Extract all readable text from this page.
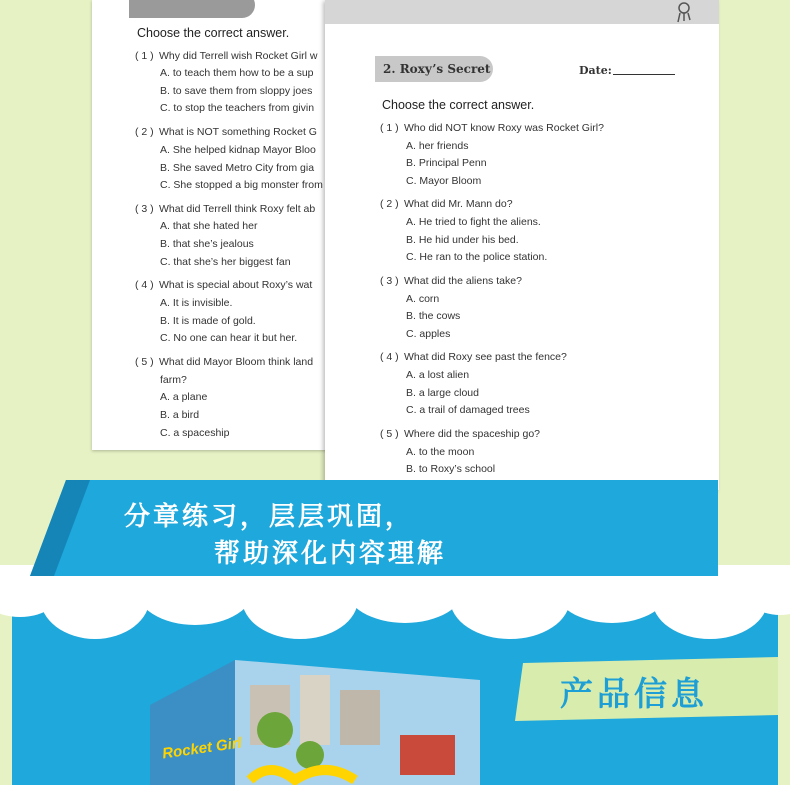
Choose the correct answer.
( 1 ) Why did Terrell wish Rocket Girl w
A. to teach them how to be a sup
B. to save them from sloppy joes
C. to stop the teachers from givin
( 2 ) What is NOT something Rocket G
A. She helped kidnap Mayor Bloo
B. She saved Metro City from gia
C. She stopped a big monster from
( 3 ) What did Terrell think Roxy felt ab
A. that she hated her
B. that she’s jealous
C. that she’s her biggest fan
( 4 ) What is special about Roxy’s wat
A. It is invisible.
B. It is made of gold.
C. No one can hear it but her.
( 5 ) What did Mayor Bloom think land
farm?
A. a plane
B. a bird
C. a spaceship
2. Roxy’s Secret	Date:
Choose the correct answer.
( 1 ) Who did NOT know Roxy was Rocket Girl?
A. her friends
B. Principal Penn
C. Mayor Bloom
( 2 ) What did Mr. Mann do?
A. He tried to fight the aliens.
B. He hid under his bed.
C. He ran to the police station.
( 3 ) What did the aliens take?
A. corn
B. the cows
C. apples
( 4 ) What did Roxy see past the fence?
A. a lost alien
B. a large cloud
C. a trail of damaged trees
( 5 ) Where did the spaceship go?
A. to the moon
B. to Roxy’s school
分章练习，层层巩固，
帮助深化内容理解
产品信息
Rocket Girl
